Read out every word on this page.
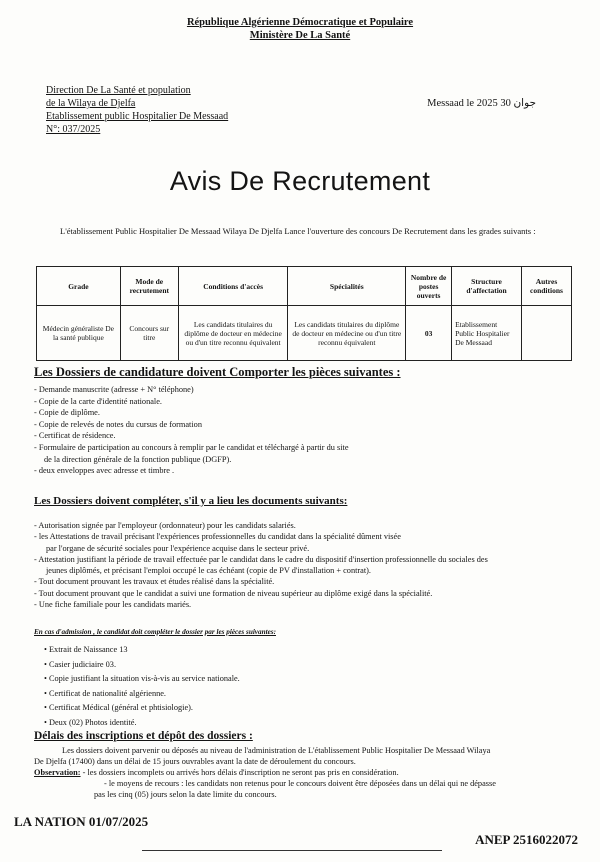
République Algérienne Démocratique et Populaire
Ministère De La Santé
Direction De La Santé et population
de la Wilaya de Djelfa
Etablissement public Hospitalier De Messaad
N°: 037/2025
Messaad le 2025 جوان 30
Avis De Recrutement
L'établissement Public Hospitalier De Messaad Wilaya De Djelfa Lance l'ouverture des concours De Recrutement dans les grades suivants :
Grade	Mode de recrutement	Conditions d'accès	Spécialités	Nombre de postes ouverts	Structure d'affectation	Autres conditions
Médecin généraliste De la santé publique	Concours sur titre	Les candidats titulaires du diplôme de docteur en médecine ou d'un titre reconnu équivalent	Les candidats titulaires du diplôme de docteur en médecine ou d'un titre reconnu équivalent	03	Etablissement Public Hospitalier De Messaad	
Les Dossiers de candidature doivent Comporter les pièces suivantes :
- Demande manuscrite (adresse + N° téléphone)
- Copie de la carte d'identité nationale.
- Copie de diplôme.
- Copie de relevés de notes du cursus de formation
- Certificat de résidence.
- Formulaire de participation au concours à remplir par le candidat et téléchargé à partir du site
de la direction générale de la fonction publique (DGFP).
- deux enveloppes avec adresse et timbre .
Les Dossiers doivent compléter, s'il y a lieu les documents suivants:
- Autorisation signée par l'employeur (ordonnateur) pour les candidats salariés.
- les Attestations de travail précisant l'expériences professionnelles du candidat dans la spécialité dûment visée
par l'organe de sécurité sociales pour l'expérience acquise dans le secteur privé.
- Attestation justifiant la période de travail effectuée par le candidat dans le cadre du dispositif d'insertion professionnelle du sociales des
jeunes diplômés, et précisant l'emploi occupé le cas échéant (copie de PV d'installation + contrat).
- Tout document prouvant les travaux et études réalisé dans la spécialité.
- Tout document prouvant que le candidat a suivi une formation de niveau supérieur au diplôme exigé dans la spécialité.
- Une fiche familiale pour les candidats mariés.
En cas d'admission , le candidat doit compléter le dossier par les pièces suivantes:
• Extrait de Naissance 13
• Casier judiciaire 03.
• Copie justifiant la situation vis-à-vis au service nationale.
• Certificat de nationalité algérienne.
• Certificat Médical (général et phtisiologie).
• Deux (02) Photos identité.
Délais des inscriptions et dépôt des dossiers :
Les dossiers doivent parvenir ou déposés au niveau de l'administration de L'établissement Public Hospitalier De Messaad Wilaya
De Djelfa (17400) dans un délai de 15 jours ouvrables avant la date de déroulement du concours.
Observation: - les dossiers incomplets ou arrivés hors délais d'inscription ne seront pas pris en considération.
- le moyens de recours : les candidats non retenus pour le concours doivent être déposées dans un délai qui ne dépasse
pas les cinq (05) jours selon la date limite du concours.
LA NATION 01/07/2025
ANEP 2516022072
